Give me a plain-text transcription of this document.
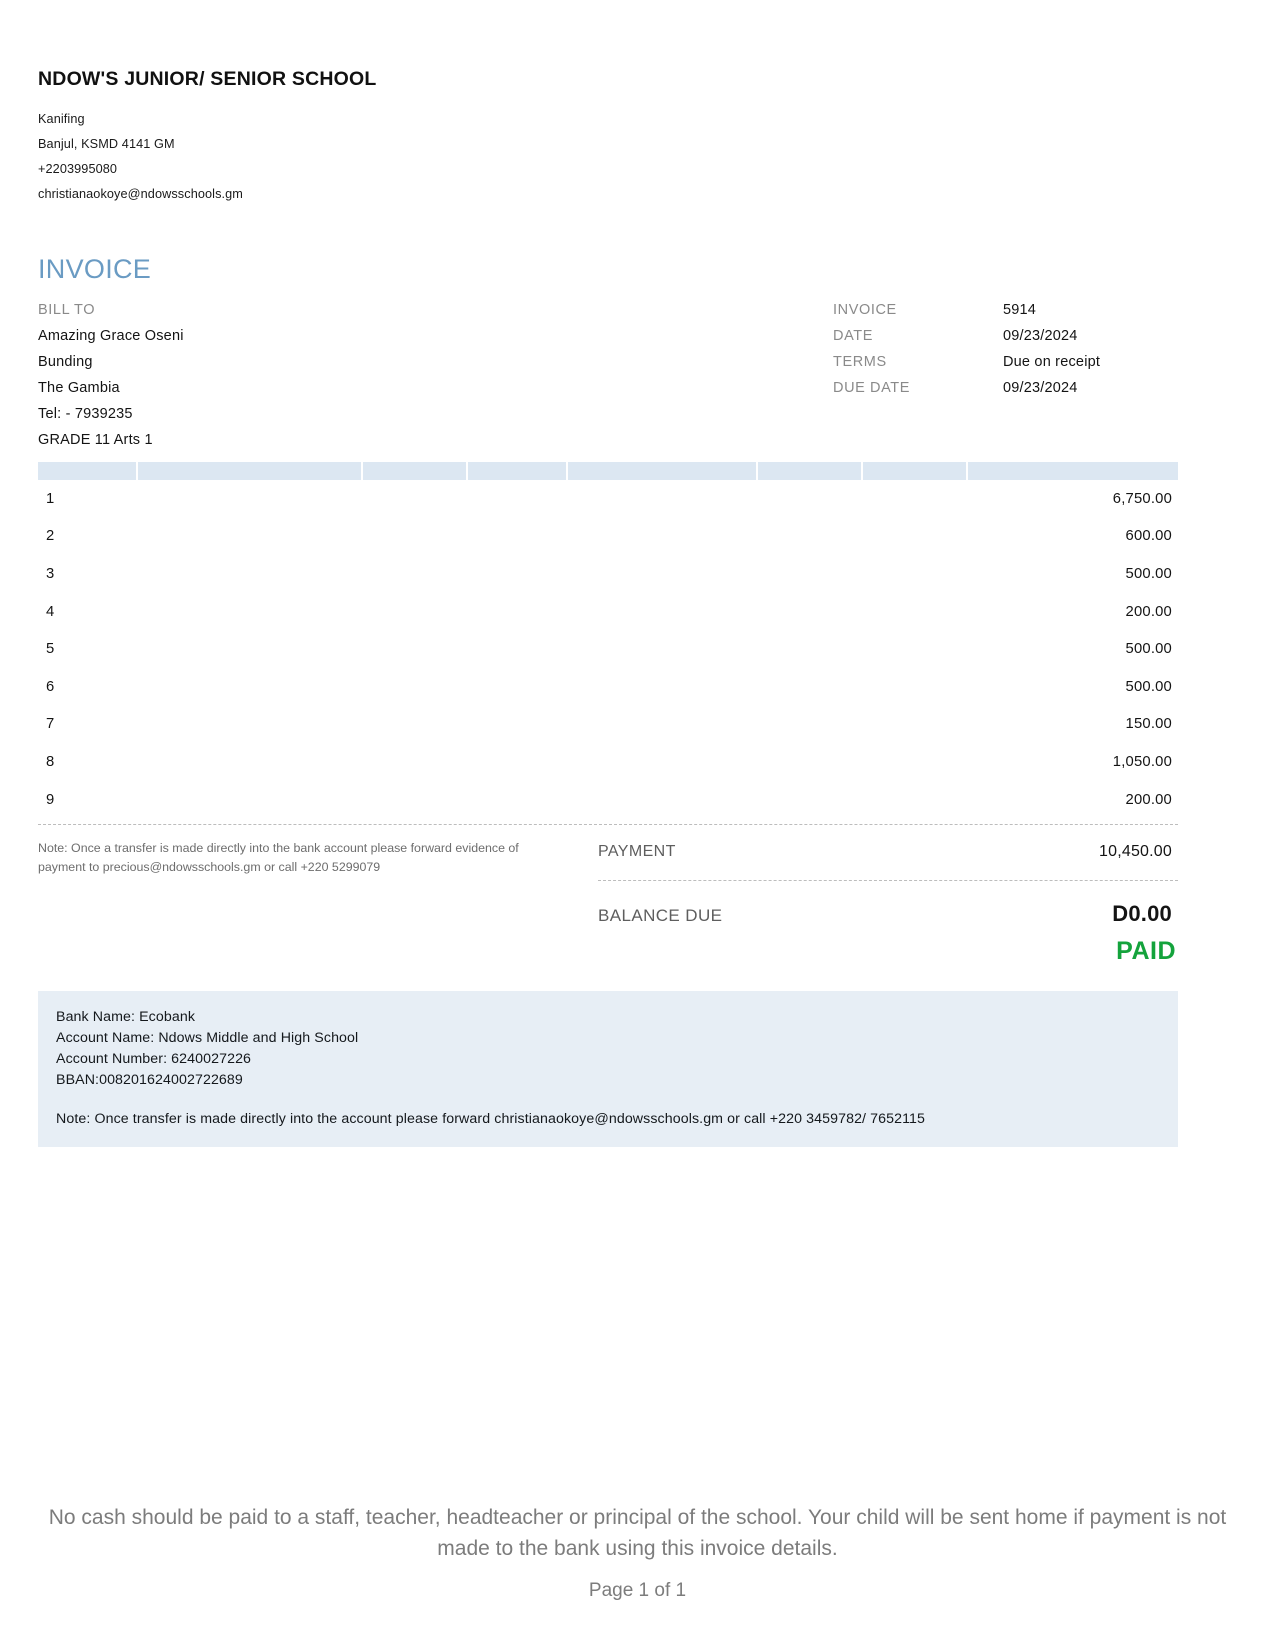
NDOW'S JUNIOR/ SENIOR SCHOOL
Kanifing
Banjul, KSMD 4141 GM
+2203995080
christianaokoye@ndowsschools.gm
INVOICE
BILL TO
Amazing Grace Oseni
Bunding
The Gambia
Tel: - 7939235
GRADE 11 Arts 1
INVOICE	5914
DATE	09/23/2024
TERMS	Due on receipt
DUE DATE	09/23/2024
1	6,750.00
2	600.00
3	500.00
4	200.00
5	500.00
6	500.00
7	150.00
8	1,050.00
9	200.00
Note: Once a transfer is made directly into the bank account please forward evidence of payment to precious@ndowsschools.gm or call +220 5299079
PAYMENT	10,450.00
BALANCE DUE	D0.00
PAID
Bank Name: Ecobank
Account Name: Ndows Middle and High School
Account Number: 6240027226
BBAN:008201624002722689
Note: Once transfer is made directly into the account please forward christianaokoye@ndowsschools.gm or call +220 3459782/ 7652115
No cash should be paid to a staff, teacher, headteacher or principal of the school. Your child will be sent home if payment is not made to the bank using this invoice details.
Page 1 of 1
